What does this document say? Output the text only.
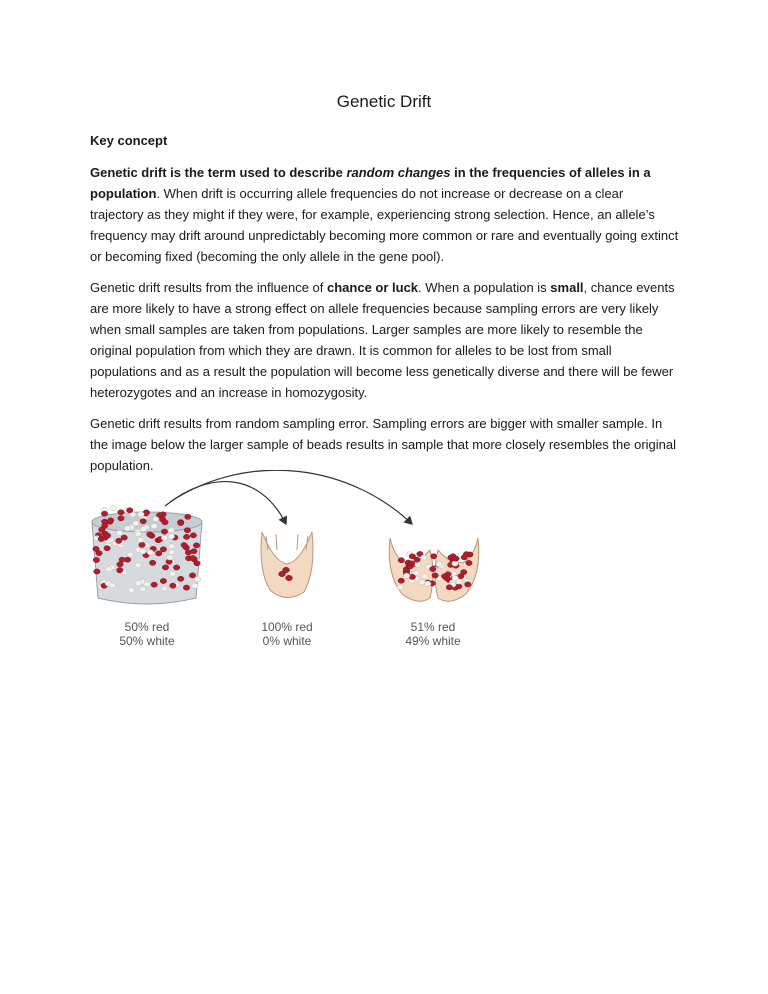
Genetic Drift

Key concept

Genetic drift is the term used to describe random changes in the frequencies of alleles in a population. When drift is occurring allele frequencies do not increase or decrease on a clear trajectory as they might if they were, for example, experiencing strong selection. Hence, an allele’s frequency may drift around unpredictably becoming more common or rare and eventually going extinct or becoming fixed (becoming the only allele in the gene pool).

Genetic drift results from the influence of chance or luck. When a population is small, chance events are more likely to have a strong effect on allele frequencies because sampling errors are very likely when small samples are taken from populations. Larger samples are more likely to resemble the original population from which they are drawn. It is common for alleles to be lost from small populations and as a result the population will become less genetically diverse and there will be fewer heterozygotes and an increase in homozygosity.

Genetic drift results from random sampling error. Sampling errors are bigger with smaller sample. In the image below the larger sample of beads results in sample that more closely resembles the original population.

50% red
50% white
100% red
0% white
51% red
49% white
